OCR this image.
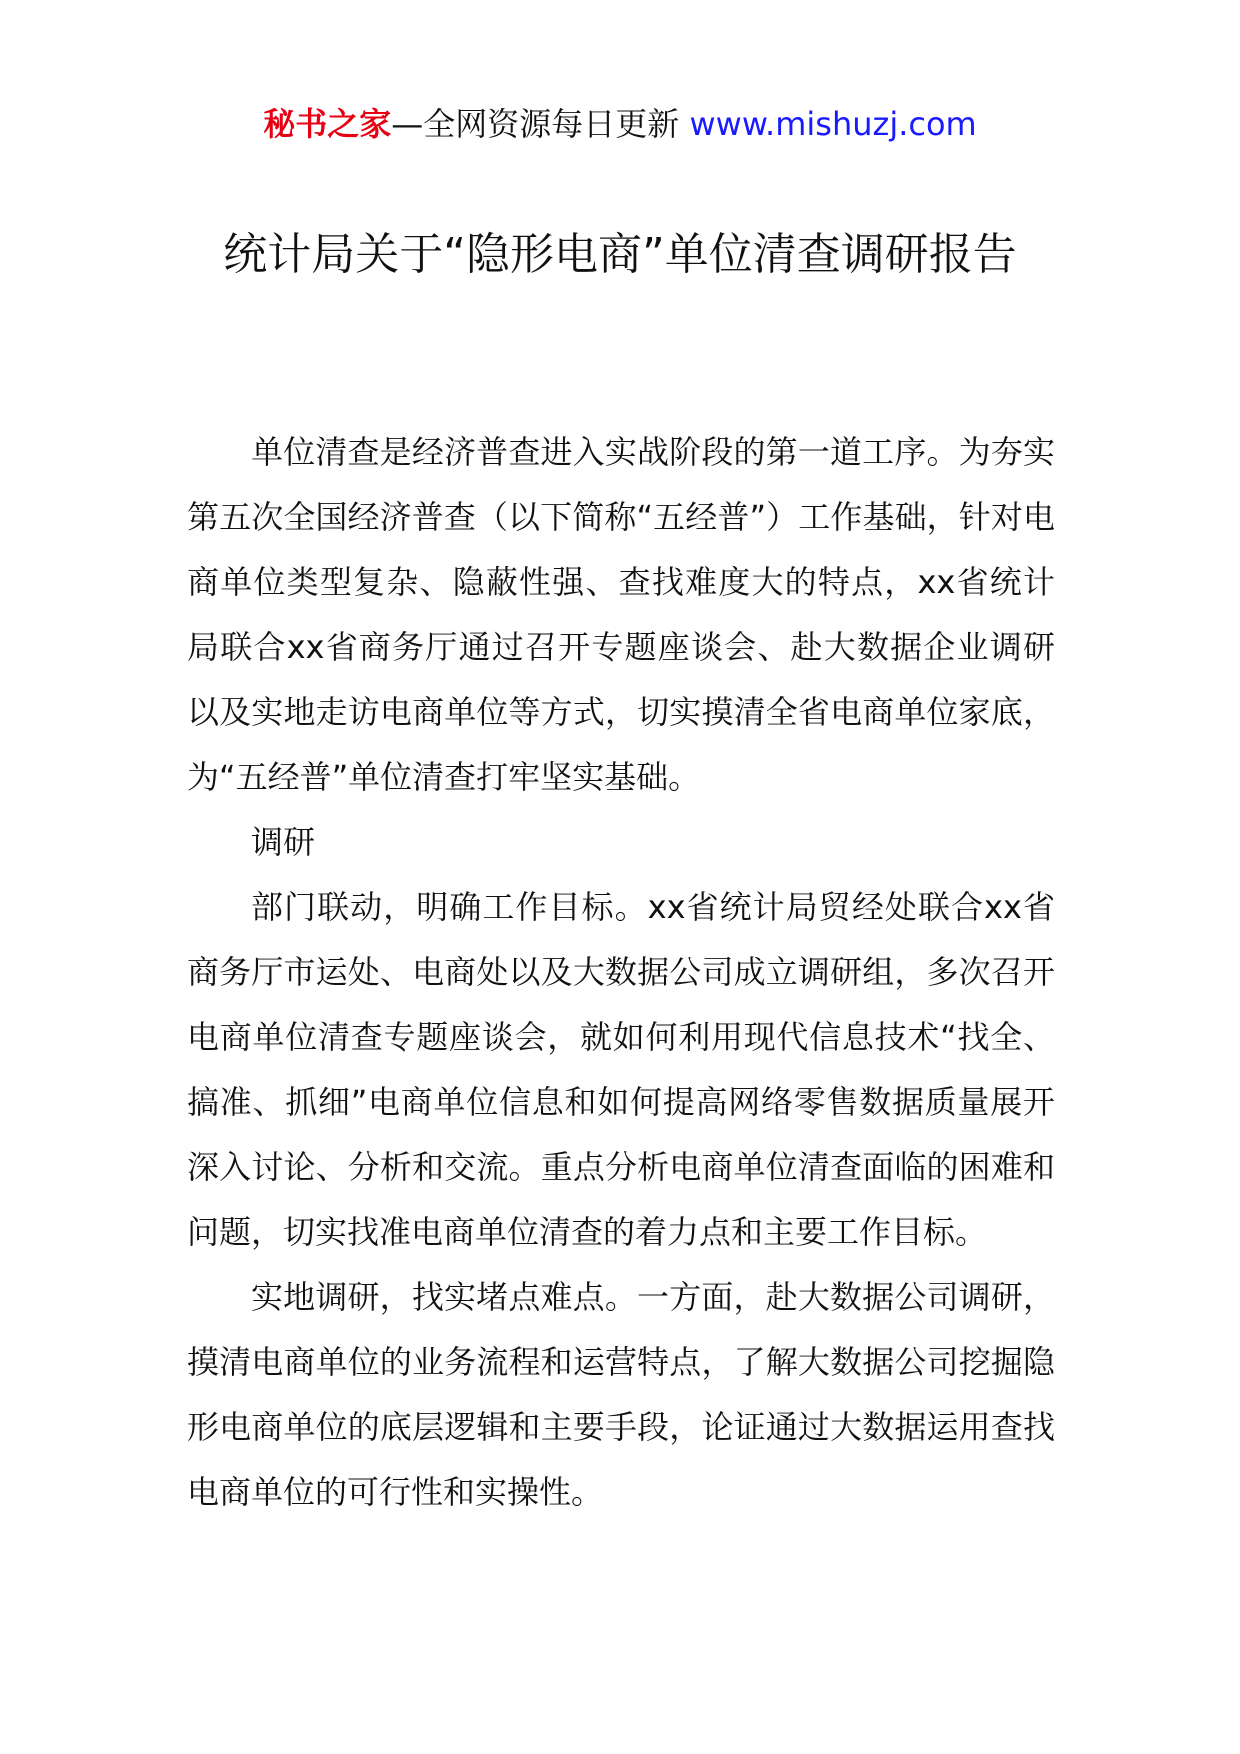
秘书之家—全网资源每日更新 www.mishuzj.com
统计局关于“隐形电商”单位清查调研报告

单位清查是经济普查进入实战阶段的第一道工序。为夯实第五次全国经济普查（以下简称“五经普”）工作基础，针对电商单位类型复杂、隐蔽性强、查找难度大的特点，xx省统计局联合xx省商务厅通过召开专题座谈会、赴大数据企业调研以及实地走访电商单位等方式，切实摸清全省电商单位家底，为“五经普”单位清查打牢坚实基础。

调研

部门联动，明确工作目标。xx省统计局贸经处联合xx省商务厅市运处、电商处以及大数据公司成立调研组，多次召开电商单位清查专题座谈会，就如何利用现代信息技术“找全、搞准、抓细”电商单位信息和如何提高网络零售数据质量展开深入讨论、分析和交流。重点分析电商单位清查面临的困难和问题，切实找准电商单位清查的着力点和主要工作目标。

实地调研，找实堵点难点。一方面，赴大数据公司调研，摸清电商单位的业务流程和运营特点，了解大数据公司挖掘隐形电商单位的底层逻辑和主要手段，论证通过大数据运用查找电商单位的可行性和实操性。
